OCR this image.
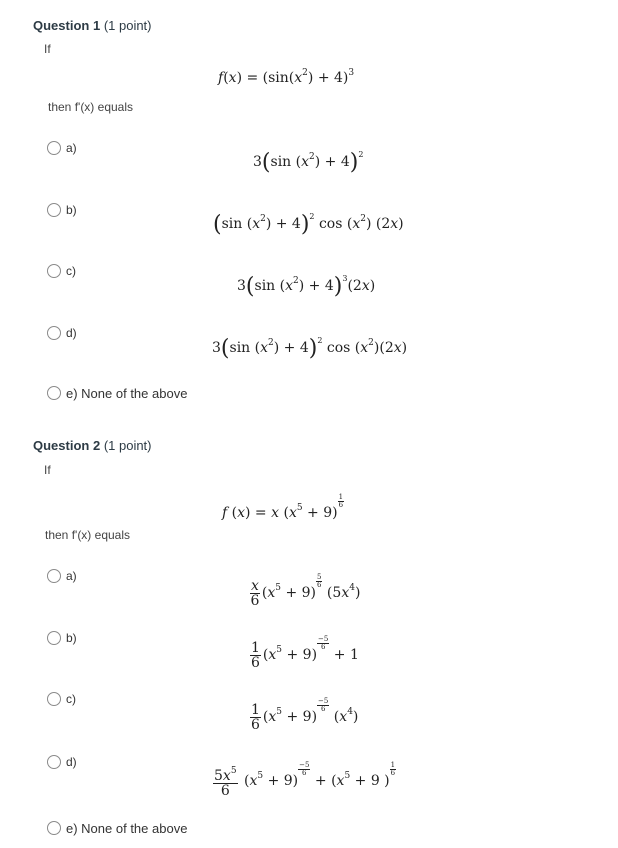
Question 1 (1 point)
If
$f(x) = (\sin(x^2) + 4)^3$
then f'(x) equals
a)
3(sin $(x^2) + 4)^2$
b)
(sin $(x^2) + 4)^2$ $\cos (x^2)$ (2x)
c)
3(sin $(x^2) + 4)^3(2x)$
d)
3(sin $(x^2) + 4)^2$ $\cos (x^2)(2x)$
e) None of the above
Question 2 (1 point)
If
f (x) = x $(x^5 + 9)$
$\frac{1}{6}$
then f'(x) equals
a)
$\frac{x}{6} (x^5 + 9)$
$\frac{5}{6}$
$(5x^4)$
b)
$\frac{1}{6} (x^5 + 9)$
$\frac{-5}{6}$
+ 1
c)
$\frac{1}{6} (x^5 + 9)$
$\frac{-5}{6}$
$(x^4)$
d)
$\frac{5x^5}{6} (x^5 + 9)$
$\frac{-5}{6}$
+ ($x^5 + 9$ )
$\frac{1}{6}$
e) None of the above
